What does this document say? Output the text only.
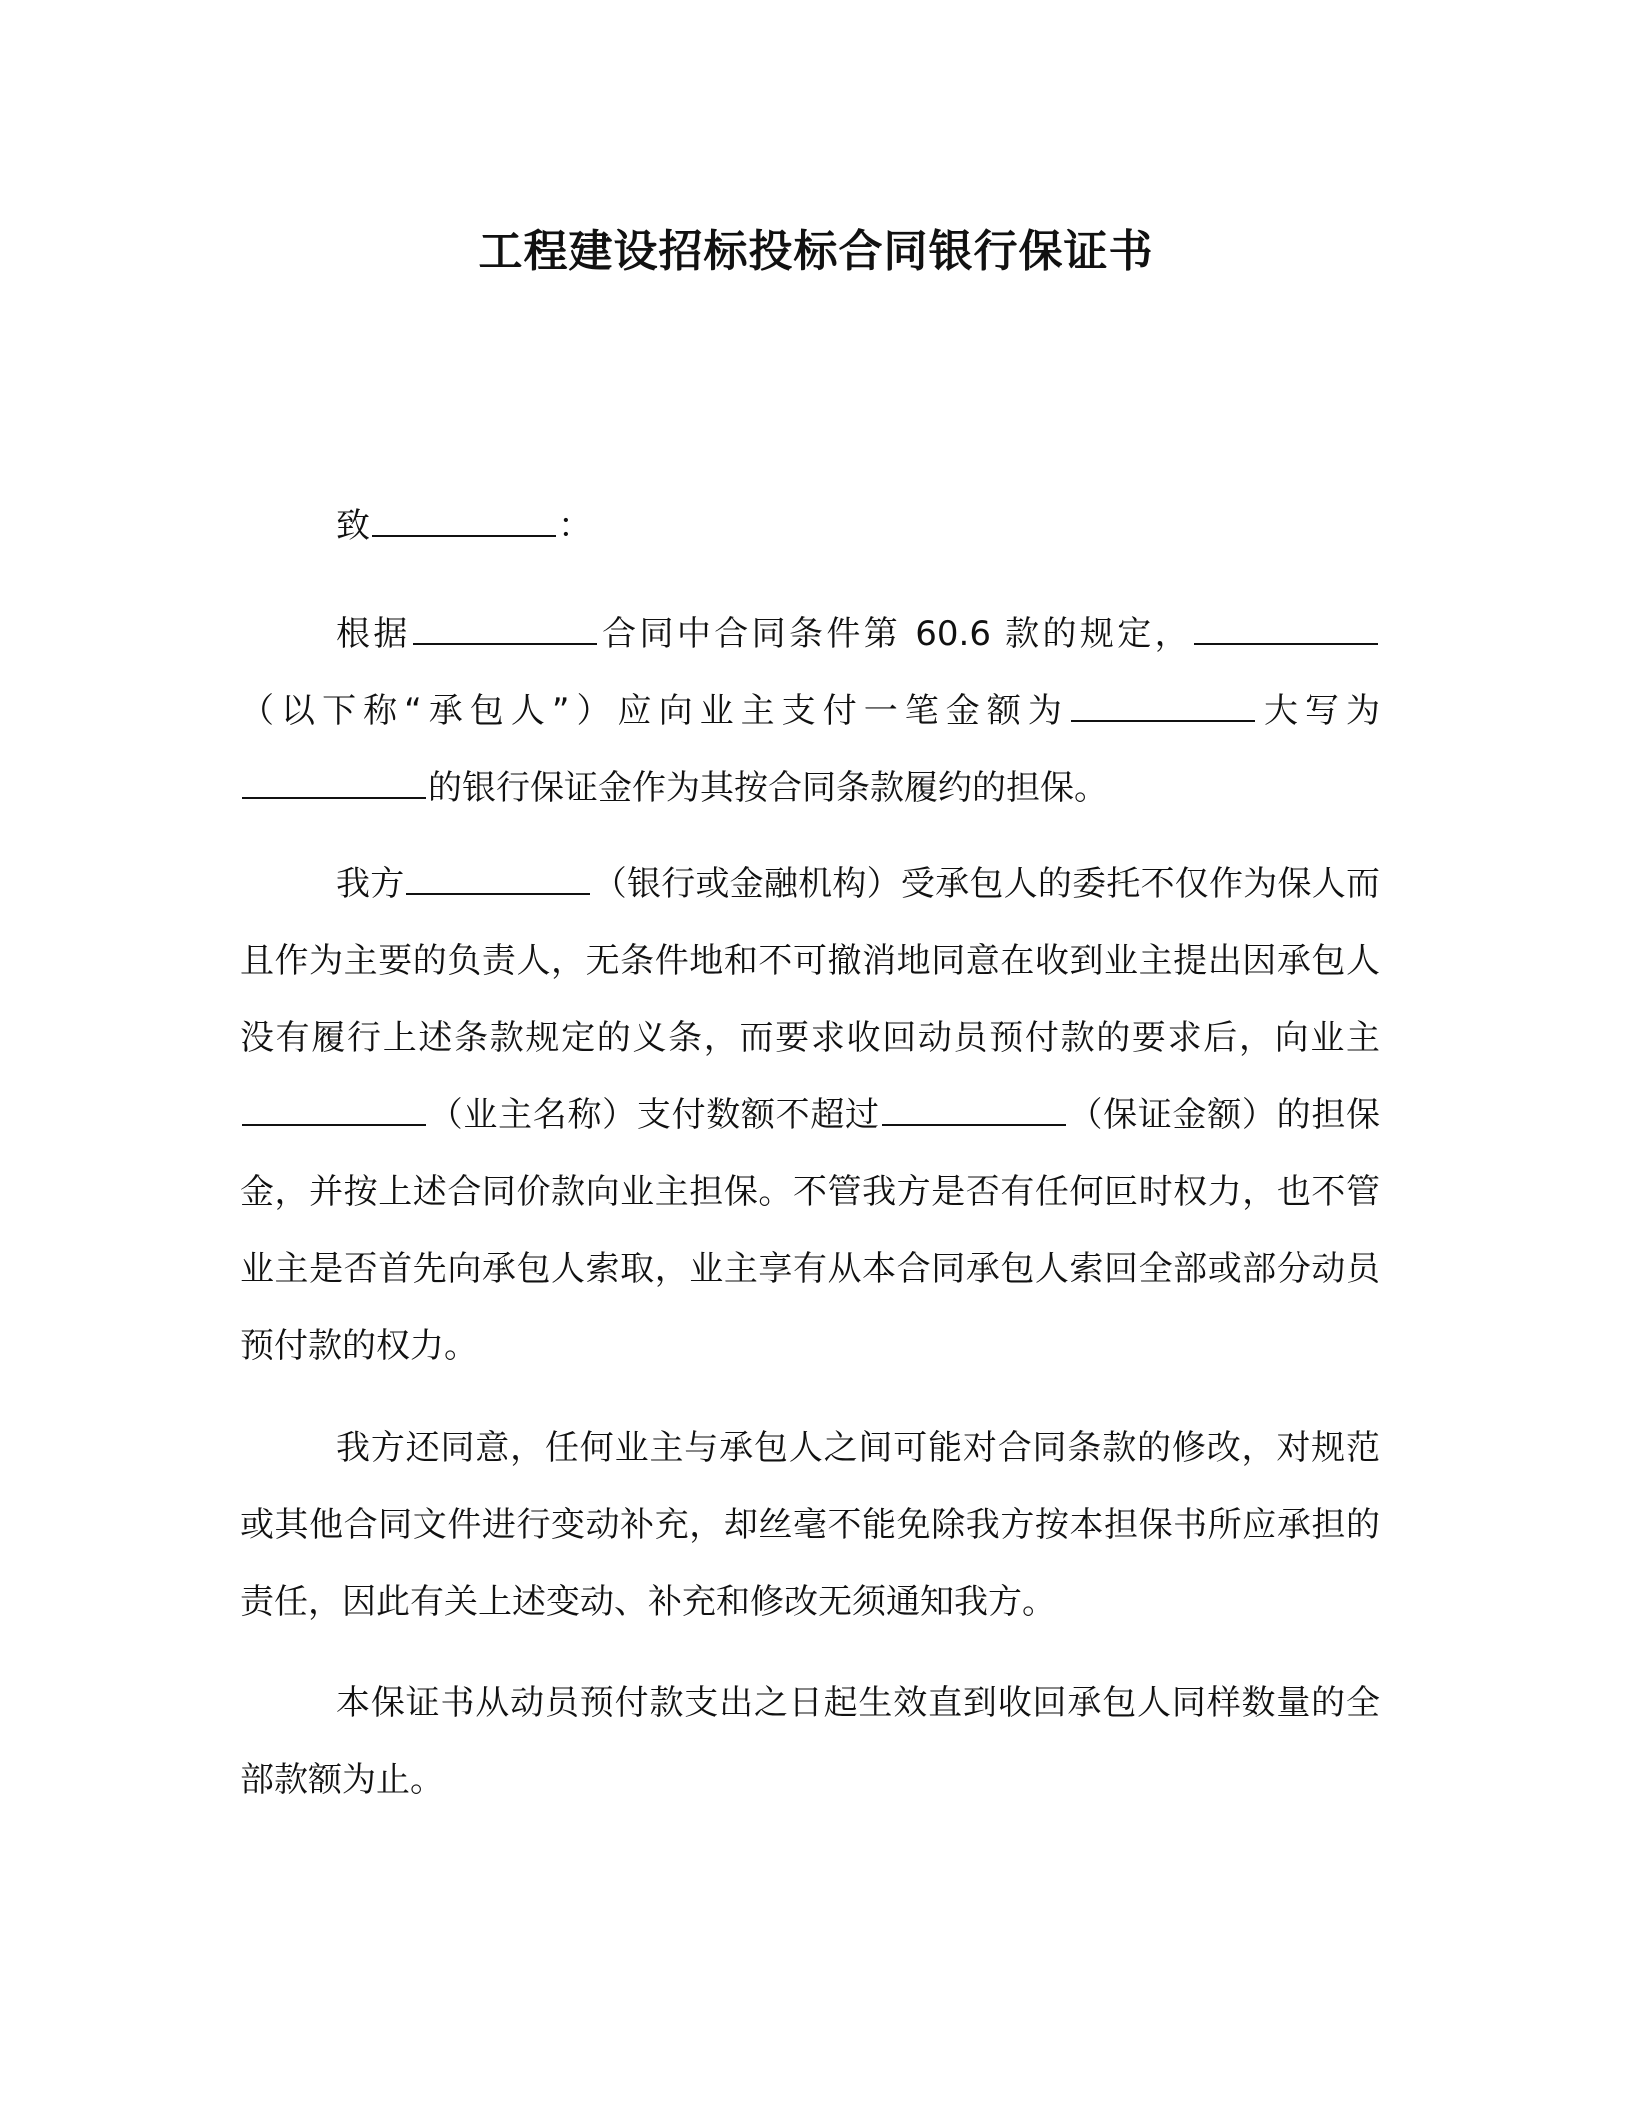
工程建设招标投标合同银行保证书
致	：
根据	合同中合同条件第 60.6 款的规定，（以下称“承包人”）应向业主支付一笔金额为	大写为的银行保证金作为其按合同条款履约的担保。
我方	（银行或金融机构）受承包人的委托不仅作为保人而且作为主要的负责人，无条件地和不可撤消地同意在收到业主提出因承包人没有履行上述条款规定的义条，而要求收回动员预付款的要求后，向业主（业主名称）支付数额不超过	（保证金额）的担保金，并按上述合同价款向业主担保。不管我方是否有任何叵时权力，也不管业主是否首先向承包人索取，业主享有从本合同承包人索回全部或部分动员预付款的权力。
我方还同意，任何业主与承包人之间可能对合同条款的修改，对规范或其他合同文件进行变动补充，却丝毫不能免除我方按本担保书所应承担的责任，因此有关上述变动、补充和修改无须通知我方。
本保证书从动员预付款支出之日起生效直到收回承包人同样数量的全部款额为止。
